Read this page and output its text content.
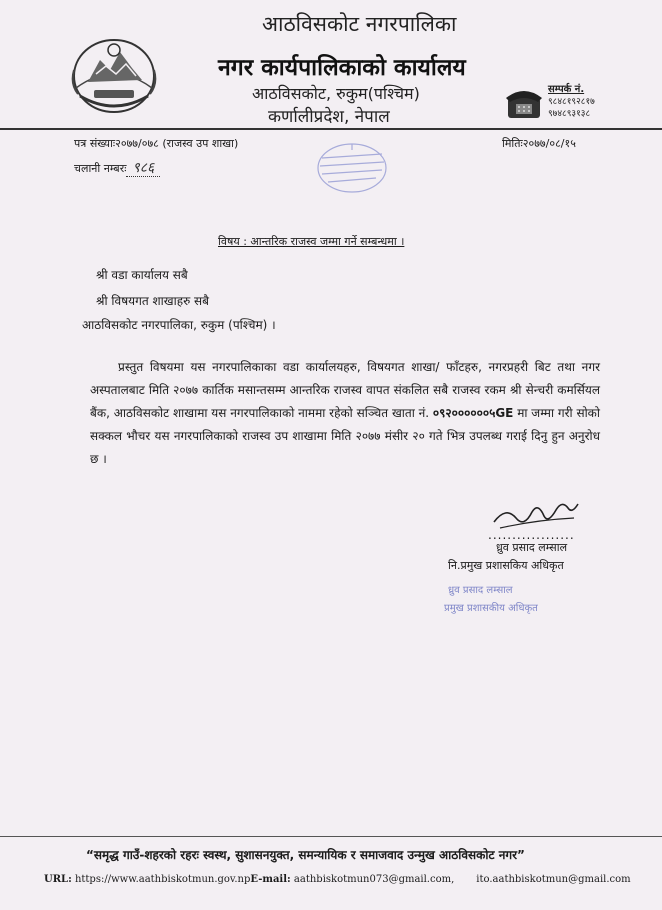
आठविसकोट नगरपालिका
नगर कार्यपालिकाको कार्यालय
आठविसकोट, रुकुम(पश्चिम)
कर्णालीप्रदेश, नेपाल
सम्पर्क नं.
९८४८१९२८१७
९७४८९३१३८
पत्र संख्याः२०७७/०७८ (राजस्व उप शाखा)
चलानी नम्बरः ९८६
मितिः२०७७/०८/१५
विषय : आन्तरिक राजस्व जम्मा गर्ने सम्बन्धमा ।
श्री वडा कार्यालय सबै
श्री विषयगत शाखाहरु सबै
आठविसकोट नगरपालिका, रुकुम (पश्चिम) ।
प्रस्तुत विषयमा यस नगरपालिकाका वडा कार्यालयहरु, विषयगत शाखा/ फाँटहरु, नगरप्रहरी बिट तथा नगर अस्पतालबाट मिति २०७७ कार्तिक मसान्तसम्म आन्तरिक राजस्व वापत संकलित सबै राजस्व रकम श्री सेन्चरी कमर्सियल बैंक, आठविसकोट शाखामा यस नगरपालिकाको नाममा रहेको सञ्चित खाता नं. ०९२००००००५GE मा जम्मा गरी सोको सक्कल भौचर यस नगरपालिकाको राजस्व उप शाखामा मिति २०७७ मंसीर २० गते भित्र उपलब्ध गराई दिनु हुन अनुरोध छ ।
..................
ध्रुव प्रसाद लम्साल
नि.प्रमुख प्रशासकिय अधिकृत
ध्रुव प्रसाद लम्साल
प्रमुख प्रशासकीय अधिकृत
“समृद्ध गाउँ-शहरको रहरः स्वस्थ, सुशासनयुक्त, समन्यायिक र समाजवाद उन्मुख आठविसकोट नगर”
URL: https://www.aathbiskotmun.gov.npE-mail: aathbiskotmun073@gmail.com, ito.aathbiskotmun@gmail.com
